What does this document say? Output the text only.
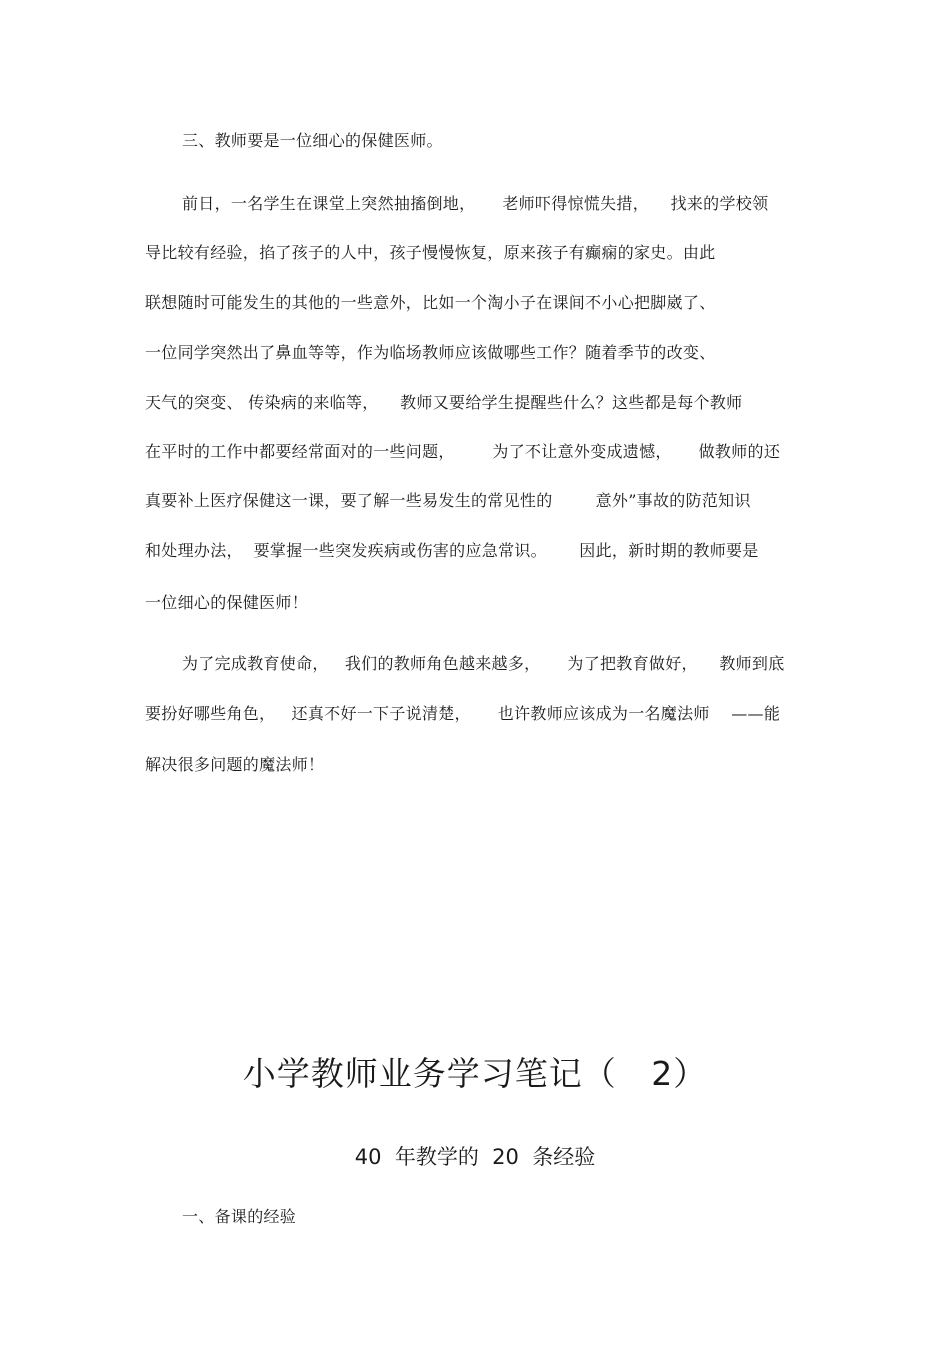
三、教师要是一位细心的保健医师。
前日，一名学生在课堂上突然抽搐倒地，     老师吓得惊慌失措，    找来的学校领
导比较有经验，掐了孩子的人中，孩子慢慢恢复，原来孩子有癫痫的家史。由此
联想随时可能发生的其他的一些意外，比如一个淘小子在课间不小心把脚崴了、
一位同学突然出了鼻血等等，作为临场教师应该做哪些工作？随着季节的改变、
天气的突变、 传染病的来临等，    教师又要给学生提醒些什么？这些都是每个教师
在平时的工作中都要经常面对的一些问题，       为了不让意外变成遗憾，     做教师的还
真要补上医疗保健这一课，要了解一些易发生的常见性的        意外”事故的防范知识
和处理办法，  要掌握一些突发疾病或伤害的应急常识。      因此，新时期的教师要是
一位细心的保健医师！
为了完成教育使命，   我们的教师角色越来越多，     为了把教育做好，    教师到底
要扮好哪些角色，   还真不好一下子说清楚，     也许教师应该成为一名魔法师    ——能
解决很多问题的魔法师！
小学教师业务学习笔记（   2）
40  年教学的  20  条经验
一、备课的经验
